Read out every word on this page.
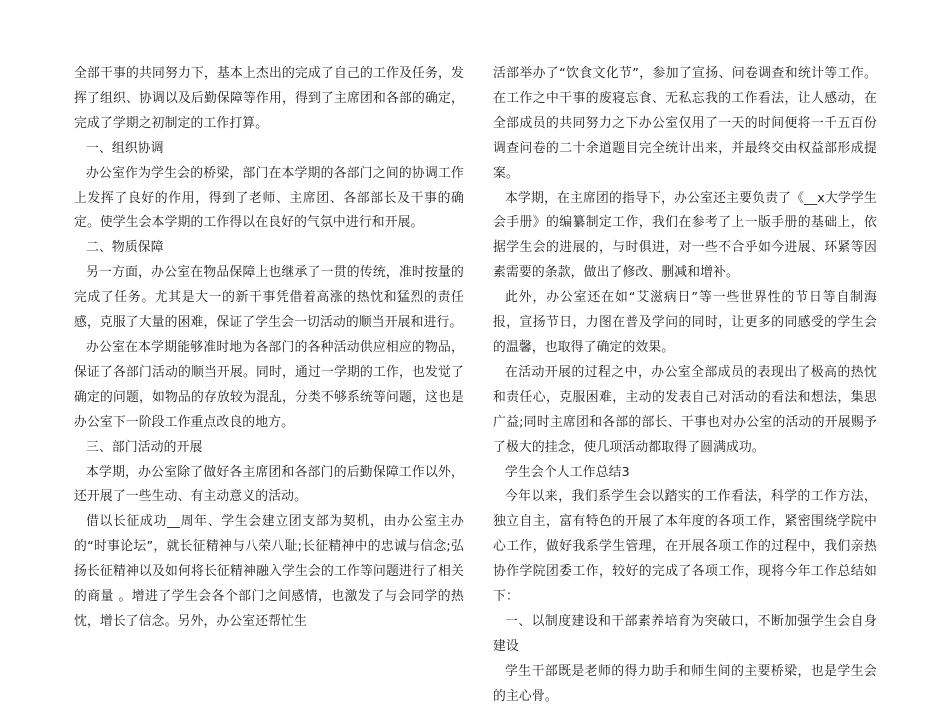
全部干事的共同努力下，基本上杰出的完成了自己的工作及任务，发挥了组织、协调以及后勤保障等作用，得到了主席团和各部的确定，完成了学期之初制定的工作打算。

一、组织协调

办公室作为学生会的桥梁，部门在本学期的各部门之间的协调工作上发挥了良好的作用，得到了老师、主席团、各部部长及干事的确定。使学生会本学期的工作得以在良好的气氛中进行和开展。

二、物质保障

另一方面，办公室在物品保障上也继承了一贯的传统，准时按量的完成了任务。尤其是大一的新干事凭借着高涨的热忱和猛烈的责任感，克服了大量的困难，保证了学生会一切活动的顺当开展和进行。

办公室在本学期能够准时地为各部门的各种活动供应相应的物品，保证了各部门活动的顺当开展。同时，通过一学期的工作，也发觉了确定的问题，如物品的存放较为混乱，分类不够系统等问题，这也是办公室下一阶段工作重点改良的地方。

三、部门活动的开展

本学期，办公室除了做好各主席团和各部门的后勤保障工作以外，还开展了一些生动、有主动意义的活动。

借以长征成功__周年、学生会建立团支部为契机，由办公室主办的“时事论坛”，就长征精神与八荣八耻;长征精神中的忠诚与信念;弘扬长征精神以及如何将长征精神融入学生会的工作等问题进行了相关的商量 。增进了学生会各个部门之间感情，也激发了与会同学的热忱，增长了信念。另外，办公室还帮忙生

活部举办了“饮食文化节”，参加了宣扬、问卷调查和统计等工作。在工作之中干事的废寝忘食、无私忘我的工作看法，让人感动，在全部成员的共同努力之下办公室仅用了一天的时间便将一千五百份调查问卷的二十余道题目完全统计出来，并最终交由权益部形成提案。

本学期，在主席团的指导下，办公室还主要负责了《__x大学学生会手册》的编纂制定工作，我们在参考了上一版手册的基础上，依据学生会的进展的，与时俱进，对一些不合乎如今进展、环紧等因素需要的条款，做出了修改、删减和增补。

此外，办公室还在如“艾滋病日”等一些世界性的节日等自制海报，宣扬节日，力图在普及学问的同时，让更多的同感受的学生会的温馨，也取得了确定的效果。

在活动开展的过程之中，办公室全部成员的表现出了极高的热忱和责任心，克服困难，主动的发表自己对活动的看法和想法，集思广益;同时主席团和各部的部长、干事也对办公室的活动的开展赐予了极大的挂念，使几项活动都取得了圆满成功。

学生会个人工作总结3

今年以来，我们系学生会以踏实的工作看法，科学的工作方法，独立自主，富有特色的开展了本年度的各项工作，紧密围绕学院中心工作，做好我系学生管理，在开展各项工作的过程中，我们亲热协作学院团委工作，较好的完成了各项工作，现将今年工作总结如下：

一、以制度建设和干部素养培育为突破口，不断加强学生会自身建设

学生干部既是老师的得力助手和师生间的主要桥梁，也是学生会的主心骨。
